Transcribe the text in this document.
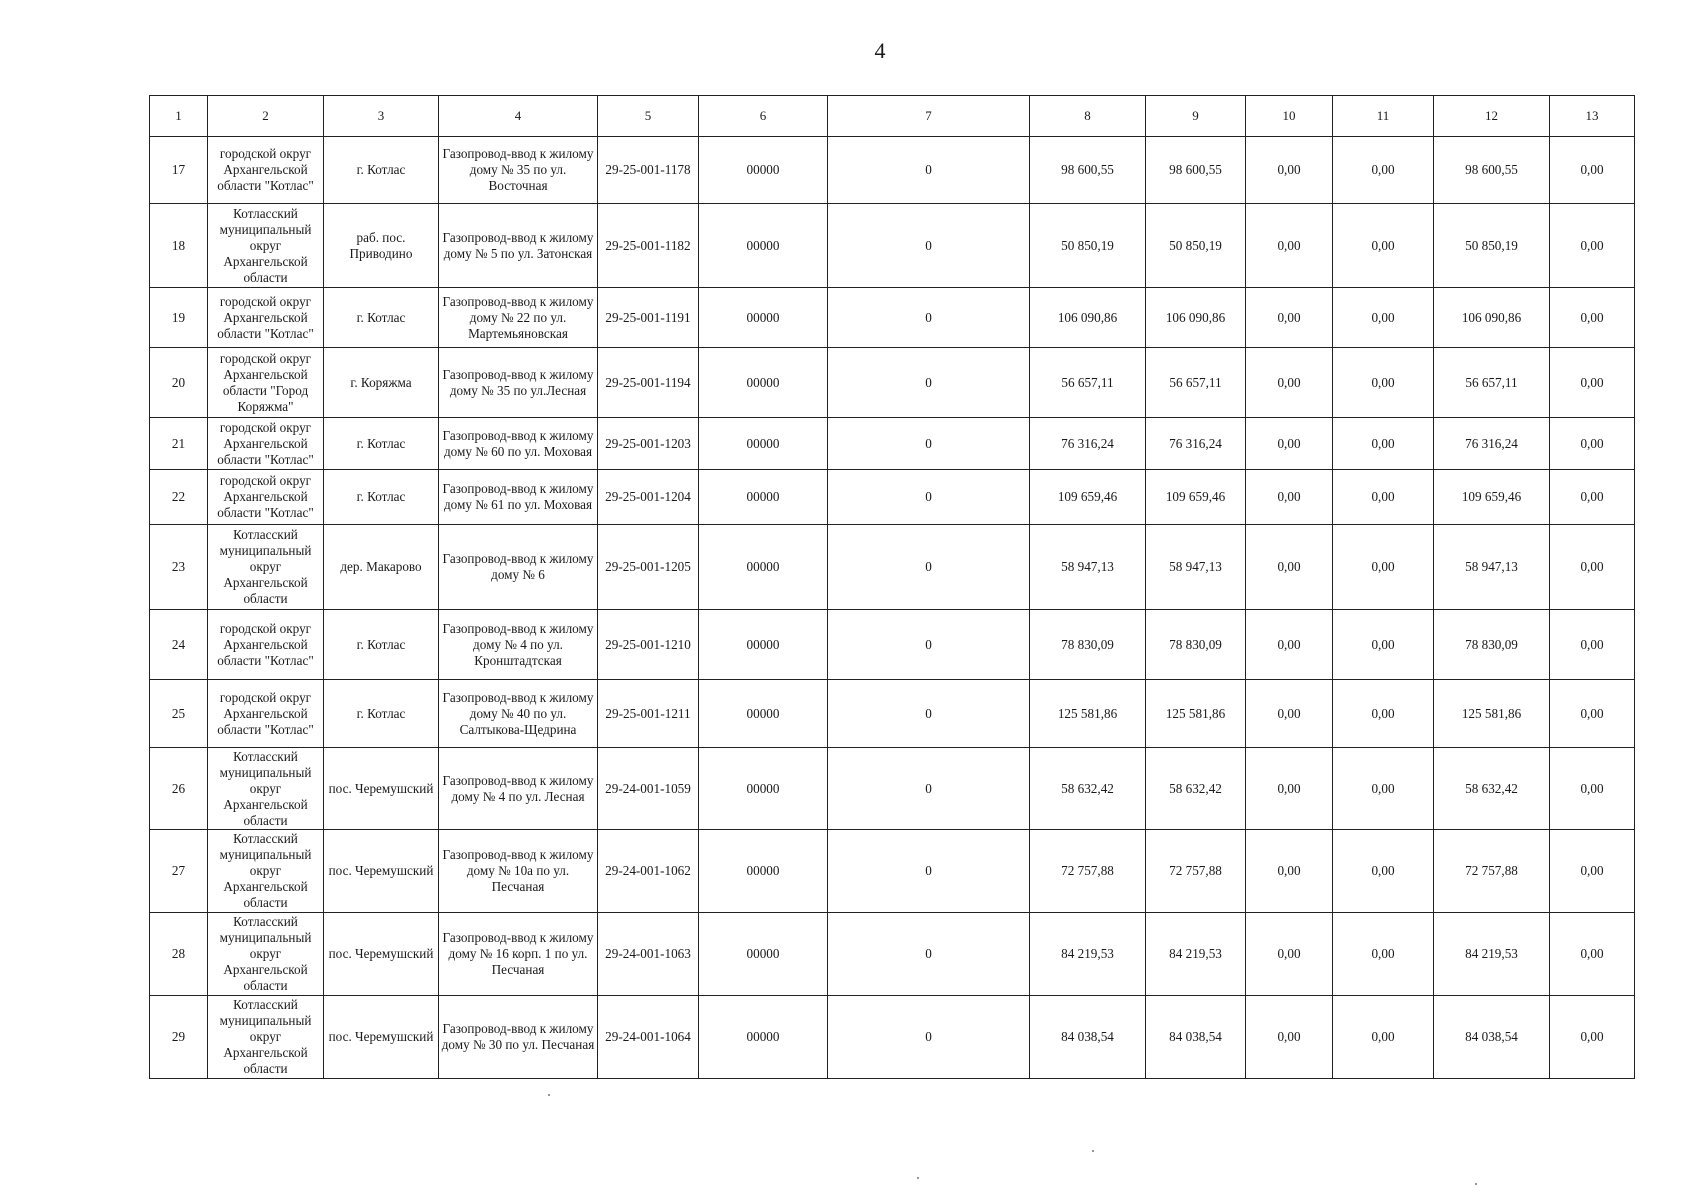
4
1	2	3	4	5	6	7	8	9	10	11	12	13
17	городской округ Архангельской области "Котлас"	г. Котлас	Газопровод-ввод к жилому дому № 35 по ул. Восточная	29-25-001-1178	00000	0	98 600,55	98 600,55	0,00	0,00	98 600,55	0,00
18	Котласский муниципальный округ Архангельской области	раб. пос. Приводино	Газопровод-ввод к жилому дому № 5 по ул. Затонская	29-25-001-1182	00000	0	50 850,19	50 850,19	0,00	0,00	50 850,19	0,00
19	городской округ Архангельской области "Котлас"	г. Котлас	Газопровод-ввод к жилому дому № 22 по ул. Мартемьяновская	29-25-001-1191	00000	0	106 090,86	106 090,86	0,00	0,00	106 090,86	0,00
20	городской округ Архангельской области "Город Коряжма"	г. Коряжма	Газопровод-ввод к жилому дому № 35 по ул.Лесная	29-25-001-1194	00000	0	56 657,11	56 657,11	0,00	0,00	56 657,11	0,00
21	городской округ Архангельской области "Котлас"	г. Котлас	Газопровод-ввод к жилому дому № 60 по ул. Моховая	29-25-001-1203	00000	0	76 316,24	76 316,24	0,00	0,00	76 316,24	0,00
22	городской округ Архангельской области "Котлас"	г. Котлас	Газопровод-ввод к жилому дому № 61 по ул. Моховая	29-25-001-1204	00000	0	109 659,46	109 659,46	0,00	0,00	109 659,46	0,00
23	Котласский муниципальный округ Архангельской области	дер. Макарово	Газопровод-ввод к жилому дому № 6	29-25-001-1205	00000	0	58 947,13	58 947,13	0,00	0,00	58 947,13	0,00
24	городской округ Архангельской области "Котлас"	г. Котлас	Газопровод-ввод к жилому дому № 4 по ул. Кронштадтская	29-25-001-1210	00000	0	78 830,09	78 830,09	0,00	0,00	78 830,09	0,00
25	городской округ Архангельской области "Котлас"	г. Котлас	Газопровод-ввод к жилому дому № 40 по ул. Салтыкова-Щедрина	29-25-001-1211	00000	0	125 581,86	125 581,86	0,00	0,00	125 581,86	0,00
26	Котласский муниципальный округ Архангельской области	пос. Черемушский	Газопровод-ввод к жилому дому № 4 по ул. Лесная	29-24-001-1059	00000	0	58 632,42	58 632,42	0,00	0,00	58 632,42	0,00
27	Котласский муниципальный округ Архангельской области	пос. Черемушский	Газопровод-ввод к жилому дому № 10а по ул. Песчаная	29-24-001-1062	00000	0	72 757,88	72 757,88	0,00	0,00	72 757,88	0,00
28	Котласский муниципальный округ Архангельской области	пос. Черемушский	Газопровод-ввод к жилому дому № 16 корп. 1 по ул. Песчаная	29-24-001-1063	00000	0	84 219,53	84 219,53	0,00	0,00	84 219,53	0,00
29	Котласский муниципальный округ Архангельской области	пос. Черемушский	Газопровод-ввод к жилому дому № 30 по ул. Песчаная	29-24-001-1064	00000	0	84 038,54	84 038,54	0,00	0,00	84 038,54	0,00
